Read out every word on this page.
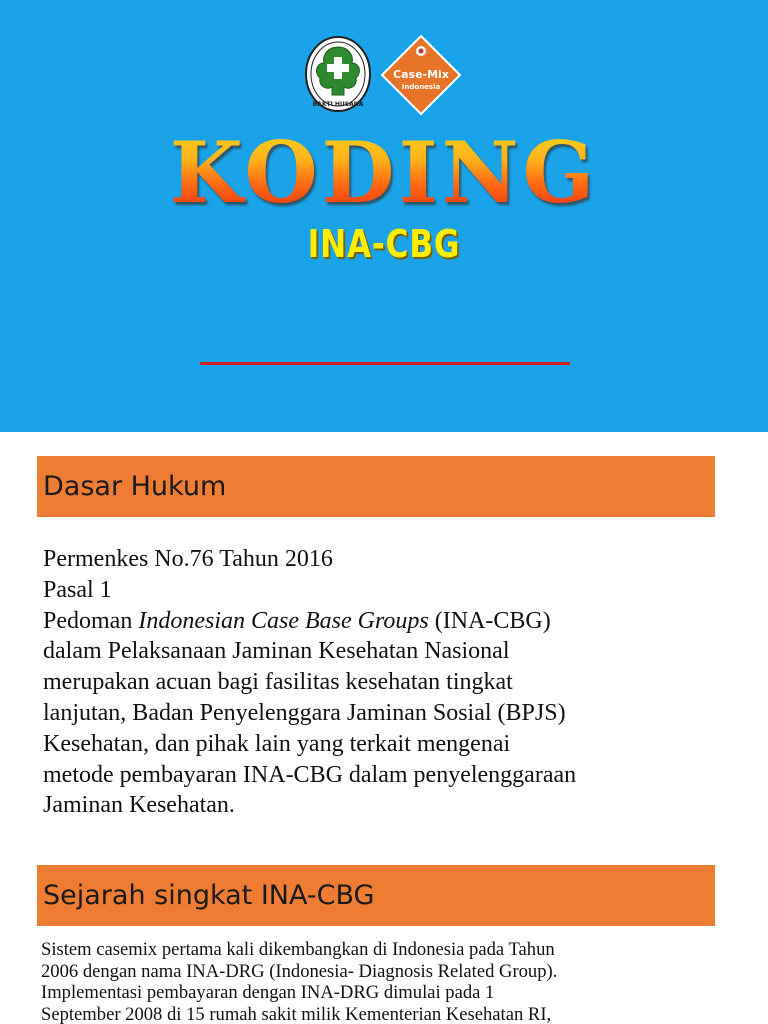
BAKTI HUSADA
Case-Mix
Indonesia
KODING
INA-CBG
Dasar Hukum
Permenkes No.76 Tahun 2016
Pasal 1
Pedoman Indonesian Case Base Groups (INA-CBG)
dalam Pelaksanaan Jaminan Kesehatan Nasional
merupakan acuan bagi fasilitas kesehatan tingkat
lanjutan, Badan Penyelenggara Jaminan Sosial (BPJS)
Kesehatan, dan pihak lain yang terkait mengenai
metode pembayaran INA-CBG dalam penyelenggaraan
Jaminan Kesehatan.
Sejarah singkat INA-CBG
Sistem casemix pertama kali dikembangkan di Indonesia pada Tahun
2006 dengan nama INA-DRG (Indonesia- Diagnosis Related Group).
Implementasi pembayaran dengan INA-DRG dimulai pada 1
September 2008 di 15 rumah sakit milik Kementerian Kesehatan RI,
